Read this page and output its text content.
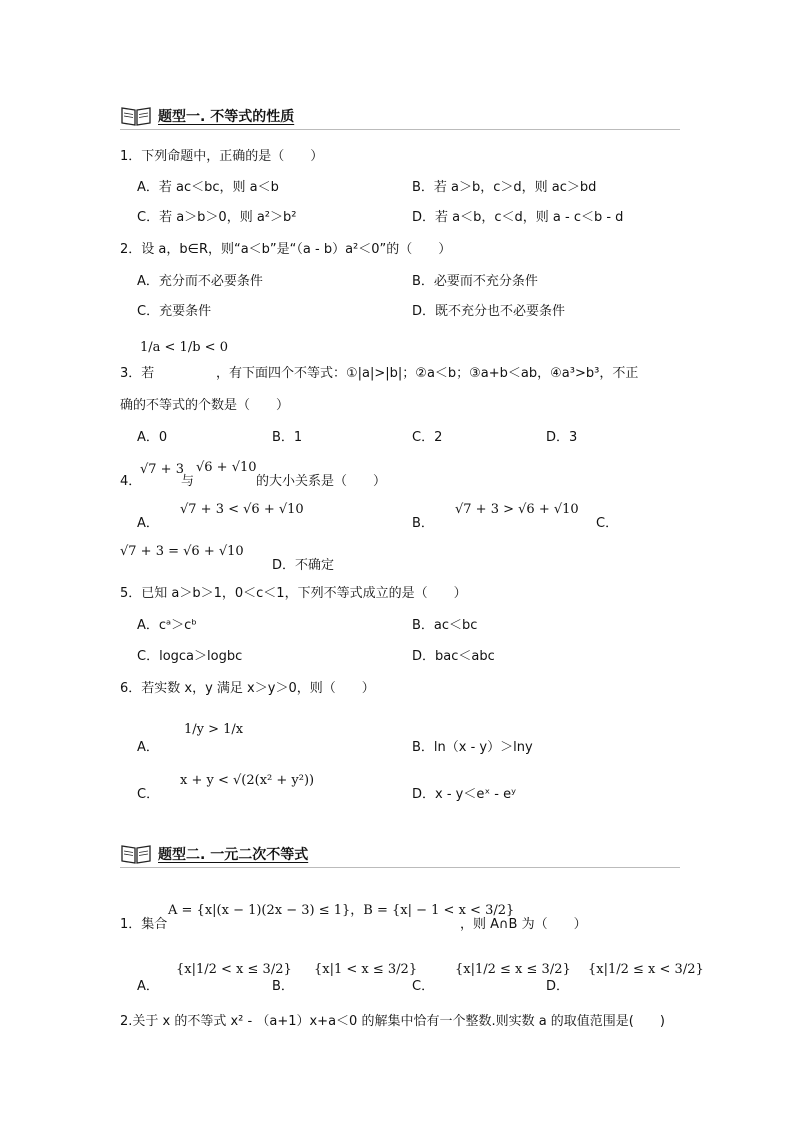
题型一. 不等式的性质
1．下列命题中，正确的是（　　）
A．若 ac＜bc，则 a＜b	B．若 a＞b，c＞d，则 ac＞bd
C．若 a＞b＞0，则 a²＞b²	D．若 a＜b，c＜d，则 a - c＜b - d
2．设 a，b∈R，则“a＜b”是“（a - b）a²＜0”的（　　）
A．充分而不必要条件	B．必要而不充分条件
C．充要条件	D．既不充分也不必要条件
3．若
1/a < 1/b < 0
，有下面四个不等式：①|a|>|b|；②a＜b；③a+b＜ab，④a³>b³，不正
确的不等式的个数是（　　）
A．0	B．1	C．2	D．3
4．
√7 + 3
与
√6 + √10
的大小关系是（　　）
A．
√7 + 3 < √6 + √10
B．
√7 + 3 > √6 + √10
C．
√7 + 3 = √6 + √10
D．不确定
5．已知 a＞b＞1，0＜c＜1，下列不等式成立的是（　　）
A．cᵃ＞cᵇ	B．ac＜bc
C．logca＞logbc	D．bac＜abc
6．若实数 x，y 满足 x＞y＞0，则（　　）
A．
1/y > 1/x
B．ln（x - y）＞lny
C．
x + y < √(2(x² + y²))
D．x - y＜eˣ - eʸ
题型二. 一元二次不等式
1．集合
A = {x|(x − 1)(2x − 3) ≤ 1}，B = {x| − 1 < x < 3/2}
，则 A∩B 为（　　）
A．
{x|1/2 < x ≤ 3/2}
B．
{x|1 < x ≤ 3/2}
C．
{x|1/2 ≤ x ≤ 3/2}
D．
{x|1/2 ≤ x < 3/2}
2.关于 x 的不等式 x² - （a+1）x+a＜0 的解集中恰有一个整数.则实数 a 的取值范围是(　　)
